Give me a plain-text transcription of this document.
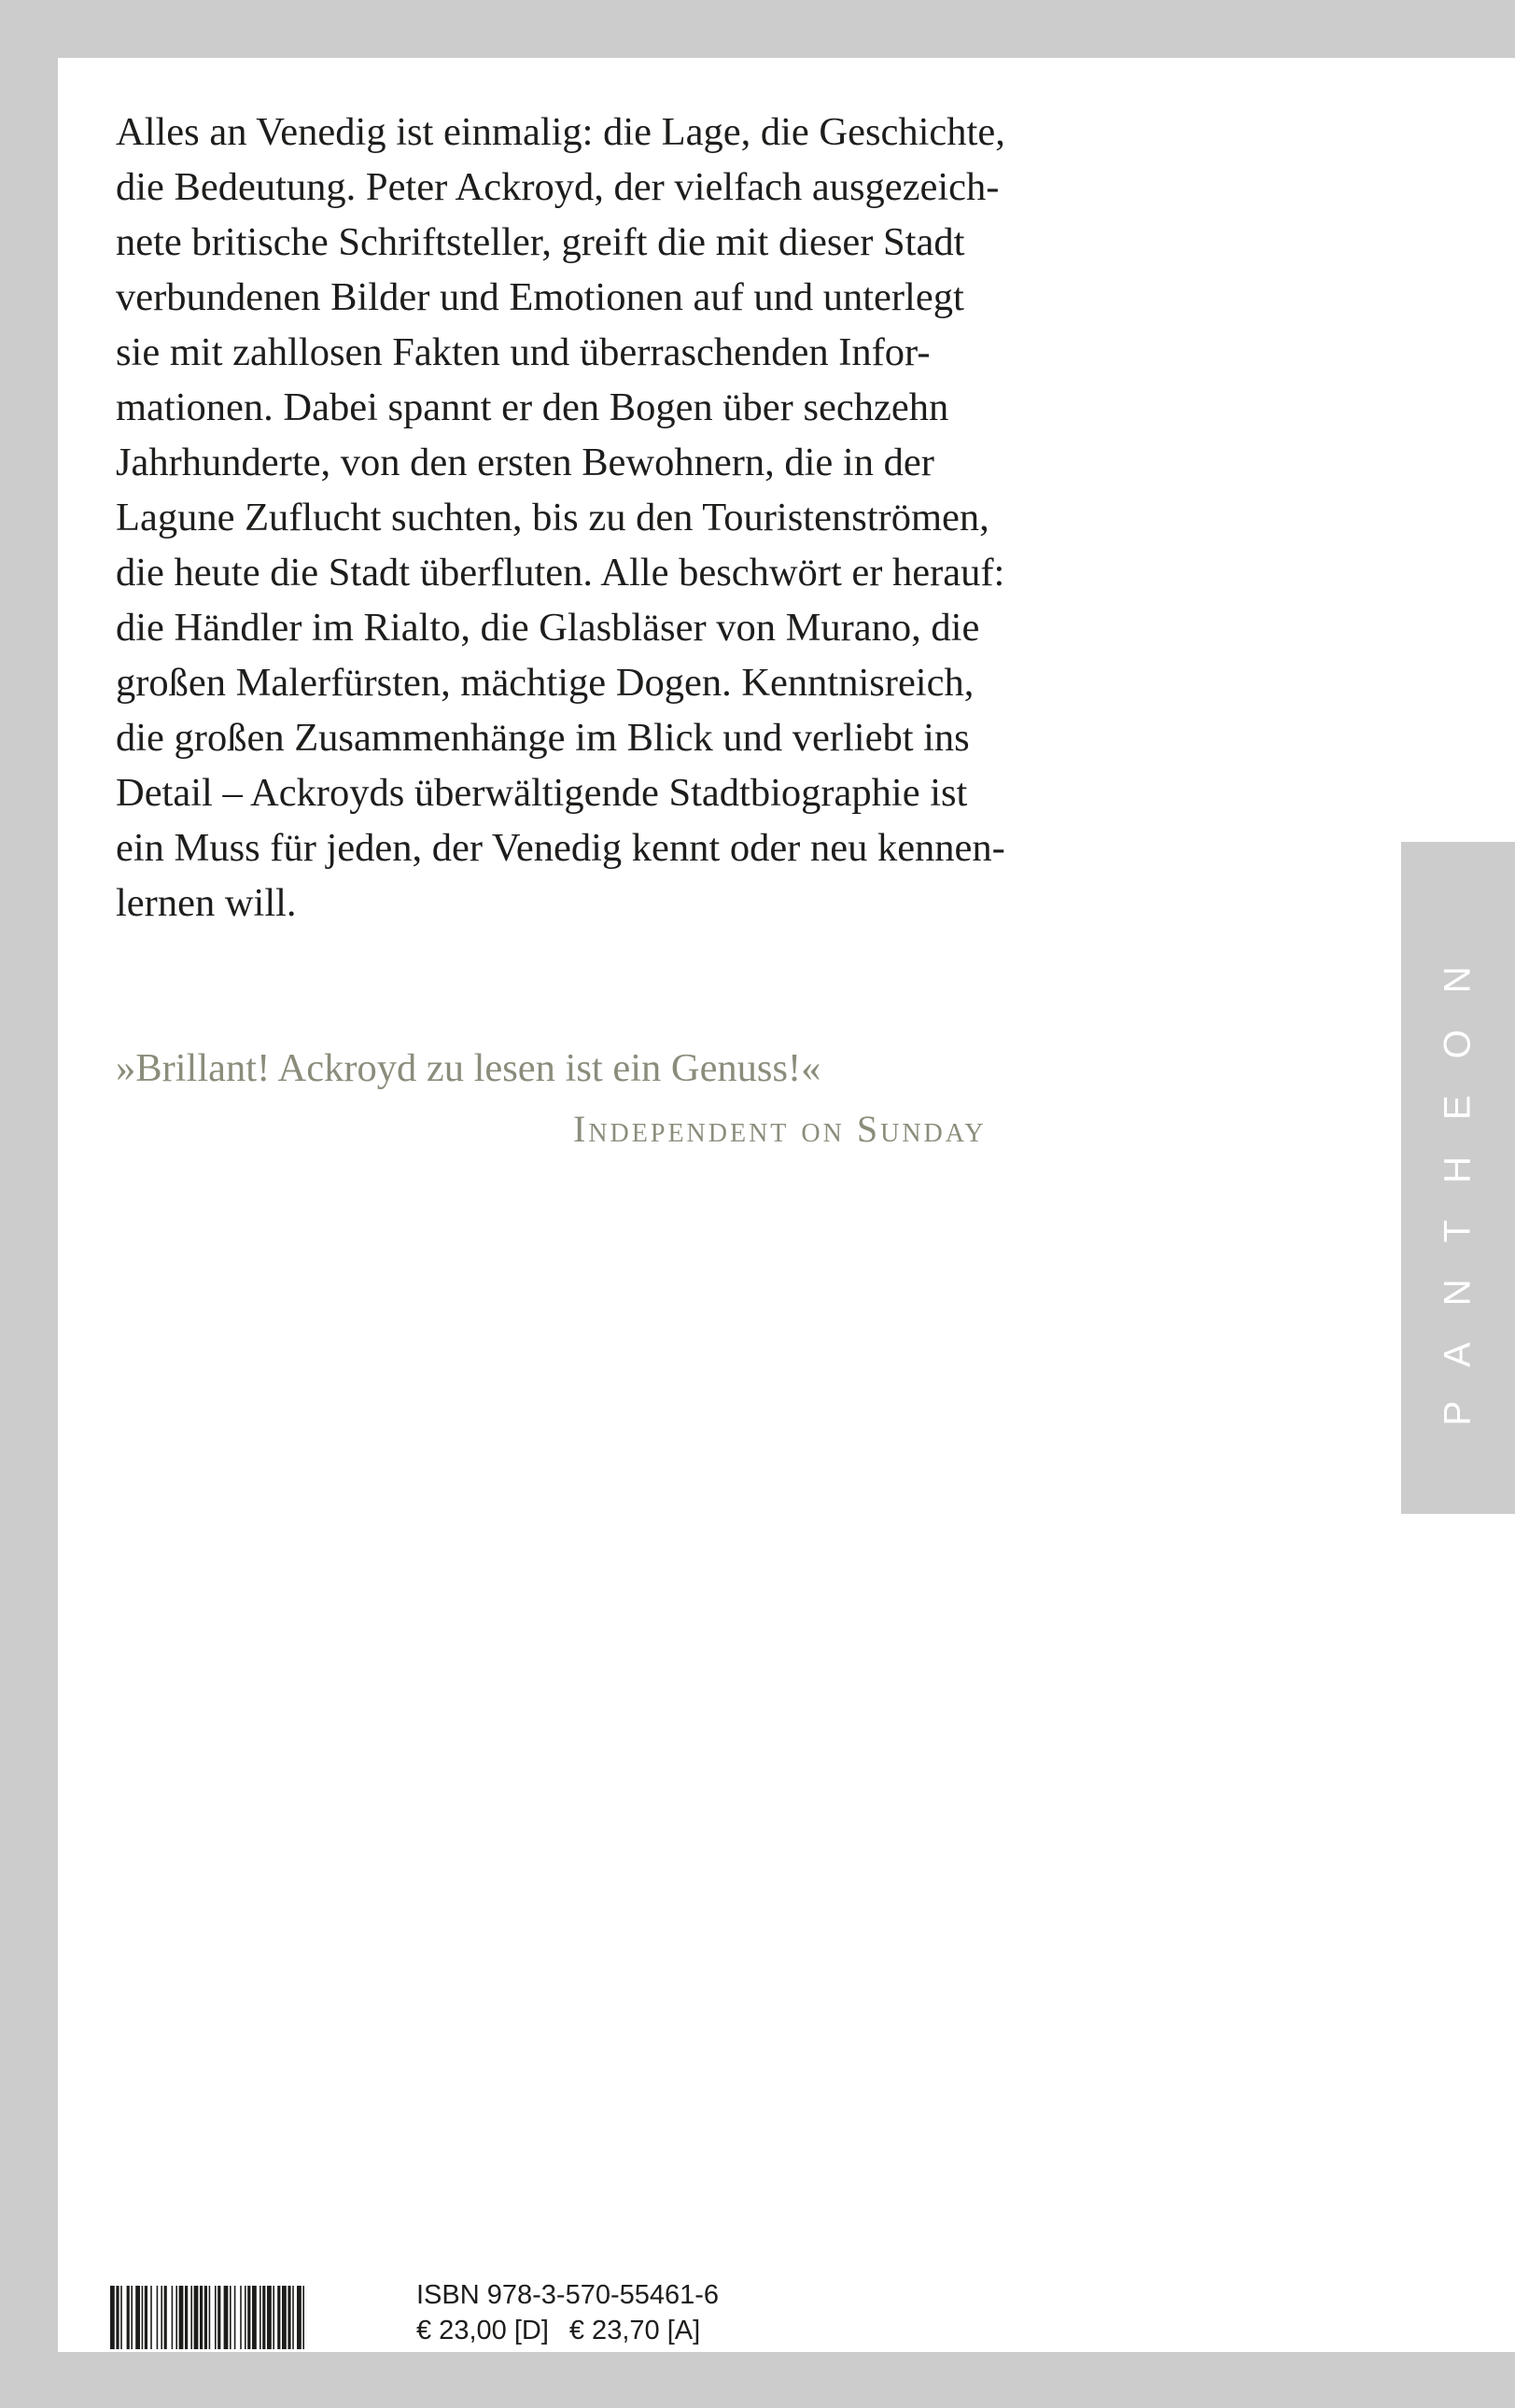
Alles an Venedig ist einmalig: die Lage, die Geschichte,
die Bedeutung. Peter Ackroyd, der vielfach ausgezeich-
nete britische Schriftsteller, greift die mit dieser Stadt
verbundenen Bilder und Emotionen auf und unterlegt
sie mit zahllosen Fakten und überraschenden Infor-
mationen. Dabei spannt er den Bogen über sechzehn
Jahrhunderte, von den ersten Bewohnern, die in der
Lagune Zuflucht suchten, bis zu den Touristenströmen,
die heute die Stadt überfluten. Alle beschwört er herauf:
die Händler im Rialto, die Glasbläser von Murano, die
großen Malerfürsten, mächtige Dogen. Kenntnisreich,
die großen Zusammenhänge im Blick und verliebt ins
Detail – Ackroyds überwältigende Stadtbiographie ist
ein Muss für jeden, der Venedig kennt oder neu kennen-
lernen will.

»Brillant! Ackroyd zu lesen ist ein Genuss!«

Independent on Sunday	PANTHEON
ISBN 978-3-570-55461-6
€ 23,00 [D] € 23,70 [A]
